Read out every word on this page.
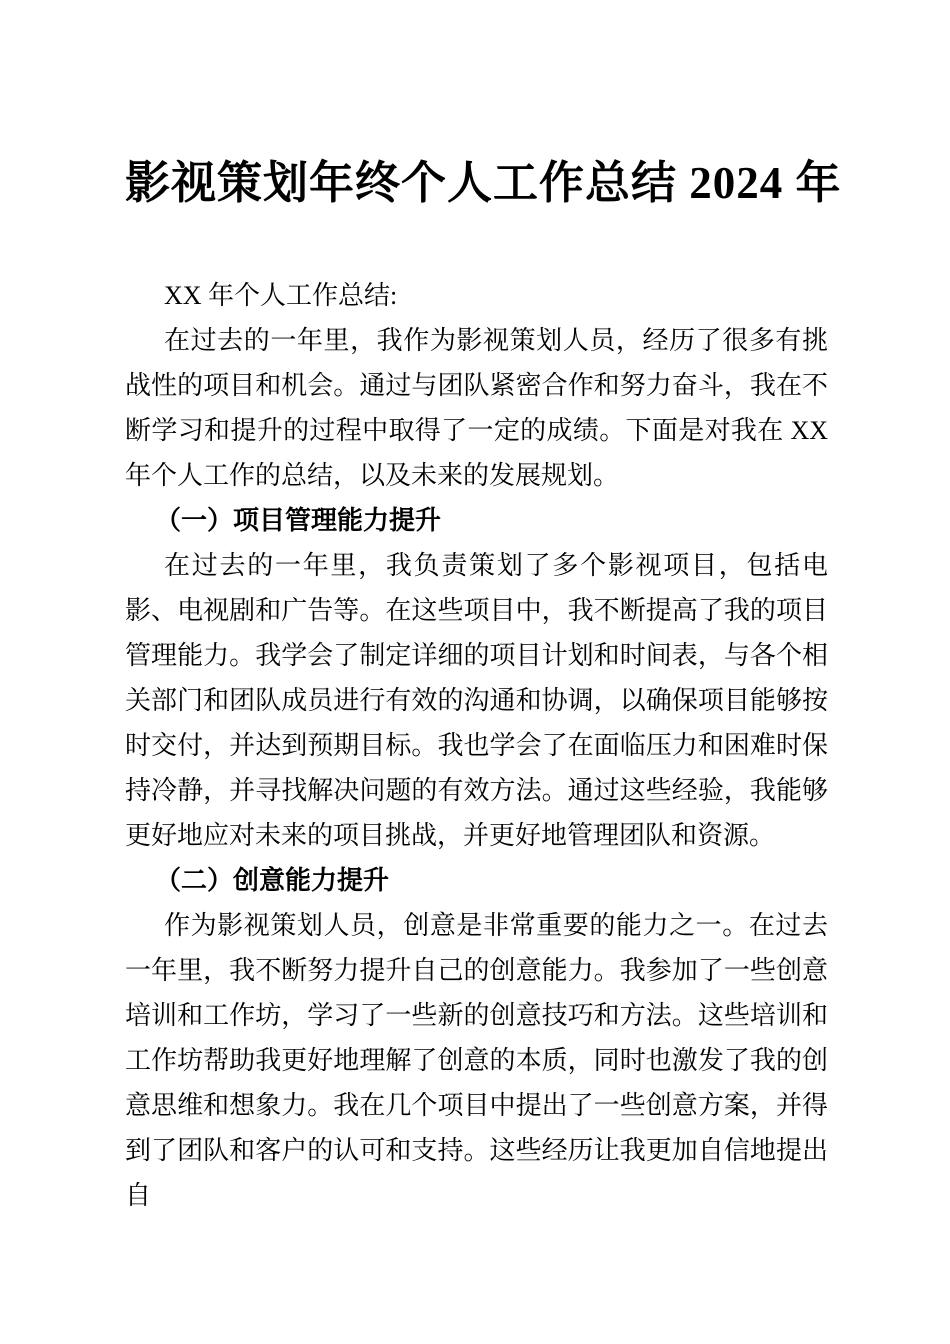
影视策划年终个人工作总结 2024 年

XX 年个人工作总结:

在过去的一年里，我作为影视策划人员，经历了很多有挑战性的项目和机会。通过与团队紧密合作和努力奋斗，我在不断学习和提升的过程中取得了一定的成绩。下面是对我在 XX 年个人工作的总结，以及未来的发展规划。

（一）项目管理能力提升

在过去的一年里，我负责策划了多个影视项目，包括电影、电视剧和广告等。在这些项目中，我不断提高了我的项目管理能力。我学会了制定详细的项目计划和时间表，与各个相关部门和团队成员进行有效的沟通和协调，以确保项目能够按时交付，并达到预期目标。我也学会了在面临压力和困难时保持冷静，并寻找解决问题的有效方法。通过这些经验，我能够更好地应对未来的项目挑战，并更好地管理团队和资源。

（二）创意能力提升

作为影视策划人员，创意是非常重要的能力之一。在过去一年里，我不断努力提升自己的创意能力。我参加了一些创意培训和工作坊，学习了一些新的创意技巧和方法。这些培训和工作坊帮助我更好地理解了创意的本质，同时也激发了我的创意思维和想象力。我在几个项目中提出了一些创意方案，并得到了团队和客户的认可和支持。这些经历让我更加自信地提出自
